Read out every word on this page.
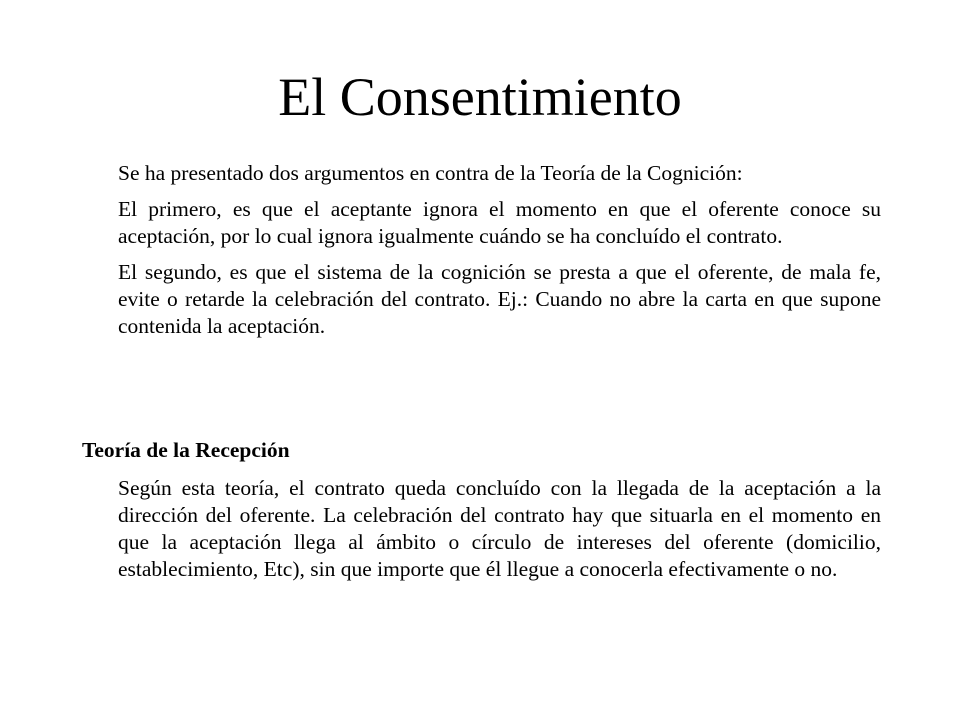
El Consentimiento

Se ha presentado dos argumentos en contra de la Teoría de la Cognición:

El primero, es que el aceptante ignora el momento en que el oferente conoce su aceptación, por lo cual ignora igualmente cuándo se ha concluído el contrato.

El segundo, es que el sistema de la cognición se presta a que el oferente, de mala fe, evite o retarde la celebración del contrato. Ej.: Cuando no abre la carta en que supone contenida la aceptación.

Teoría de la Recepción

Según esta teoría, el contrato queda concluído con la llegada de la aceptación a la dirección del oferente. La celebración del contrato hay que situarla en el momento en que la aceptación llega al ámbito o círculo de intereses del oferente (domicilio, establecimiento, Etc), sin que importe que él llegue a conocerla efectivamente o no.
